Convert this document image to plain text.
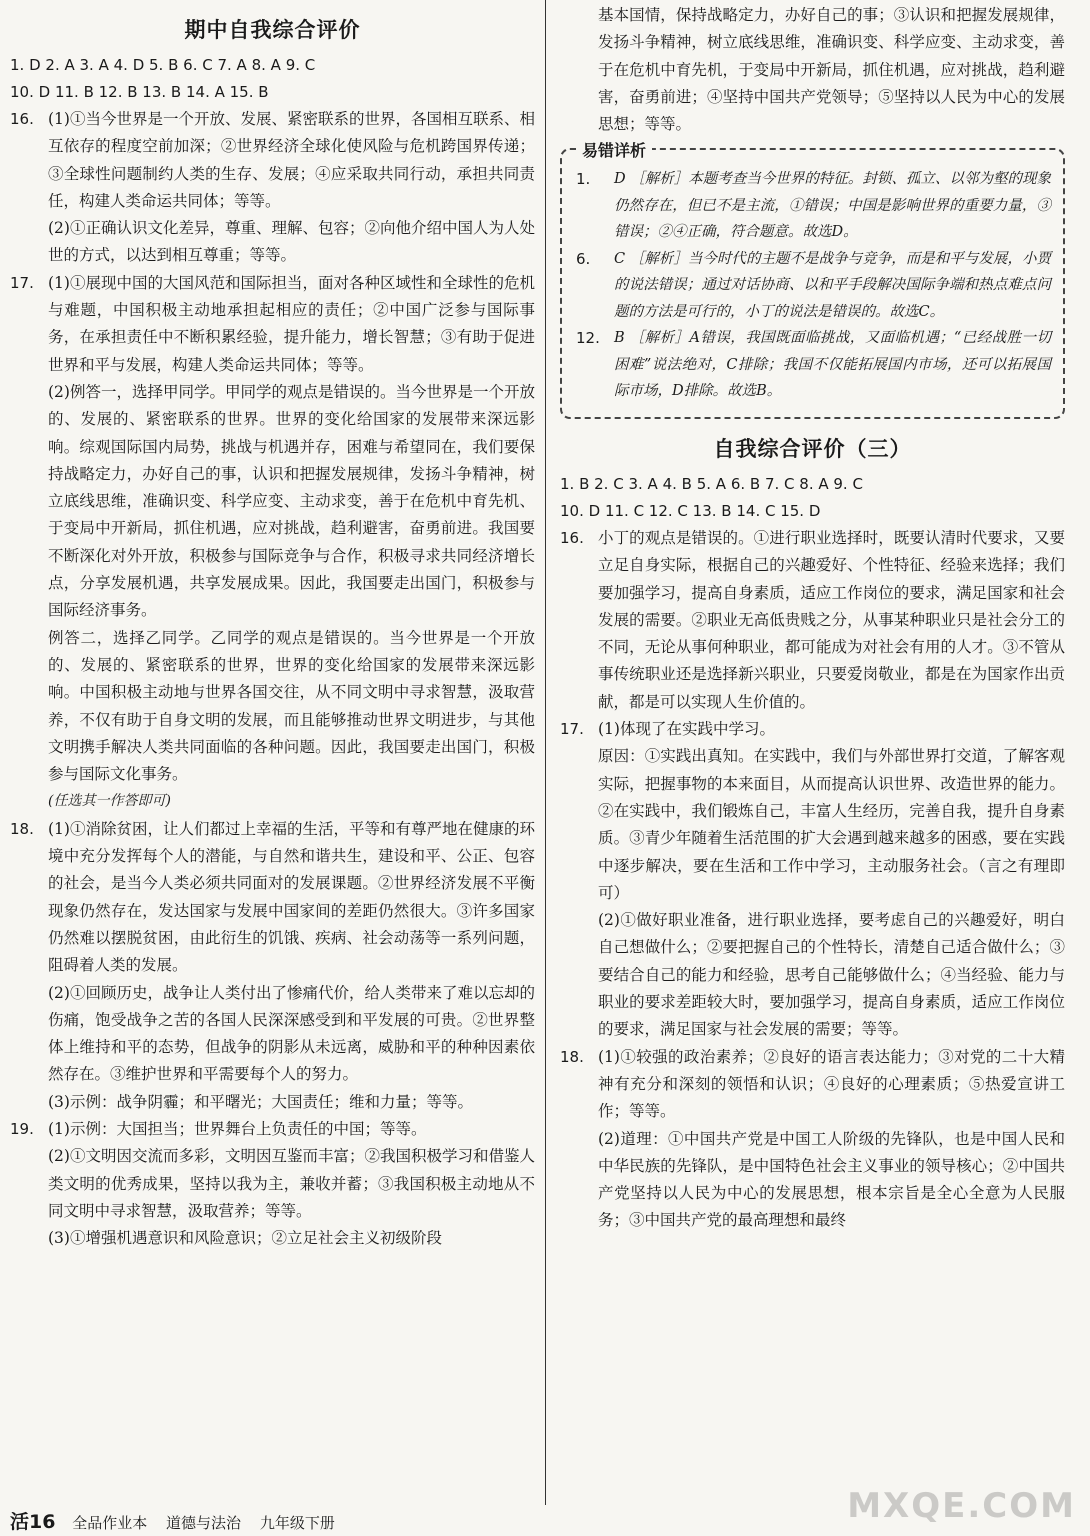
期中自我综合评价
1. D 2. A 3. A 4. D 5. B 6. C 7. A 8. A 9. C
10. D 11. B 12. B 13. B 14. A 15. B
16. (1)①当今世界是一个开放、发展、紧密联系的世界，各国相互联系、相互依存的程度空前加深；②世界经济全球化使风险与危机跨国界传递；③全球性问题制约人类的生存、发展；④应采取共同行动，承担共同责任，构建人类命运共同体；等等。

(2)①正确认识文化差异，尊重、理解、包容；②向他介绍中国人为人处世的方式，以达到相互尊重；等等。

17. (1)①展现中国的大国风范和国际担当，面对各种区域性和全球性的危机与难题，中国积极主动地承担起相应的责任；②中国广泛参与国际事务，在承担责任中不断积累经验，提升能力，增长智慧；③有助于促进世界和平与发展，构建人类命运共同体；等等。

(2)例答一，选择甲同学。甲同学的观点是错误的。当今世界是一个开放的、发展的、紧密联系的世界。世界的变化给国家的发展带来深远影响。综观国际国内局势，挑战与机遇并存，困难与希望同在，我们要保持战略定力，办好自己的事，认识和把握发展规律，发扬斗争精神，树立底线思维，准确识变、科学应变、主动求变，善于在危机中育先机、于变局中开新局，抓住机遇，应对挑战，趋利避害，奋勇前进。我国要不断深化对外开放，积极参与国际竞争与合作，积极寻求共同经济增长点，分享发展机遇，共享发展成果。因此，我国要走出国门，积极参与国际经济事务。

例答二，选择乙同学。乙同学的观点是错误的。当今世界是一个开放的、发展的、紧密联系的世界，世界的变化给国家的发展带来深远影响。中国积极主动地与世界各国交往，从不同文明中寻求智慧，汲取营养，不仅有助于自身文明的发展，而且能够推动世界文明进步，与其他文明携手解决人类共同面临的各种问题。因此，我国要走出国门，积极参与国际文化事务。

(任选其一作答即可)

18. (1)①消除贫困，让人们都过上幸福的生活，平等和有尊严地在健康的环境中充分发挥每个人的潜能，与自然和谐共生，建设和平、公正、包容的社会，是当今人类必须共同面对的发展课题。②世界经济发展不平衡现象仍然存在，发达国家与发展中国家间的差距仍然很大。③许多国家仍然难以摆脱贫困，由此衍生的饥饿、疾病、社会动荡等一系列问题，阻碍着人类的发展。

(2)①回顾历史，战争让人类付出了惨痛代价，给人类带来了难以忘却的伤痛，饱受战争之苦的各国人民深深感受到和平发展的可贵。②世界整体上维持和平的态势，但战争的阴影从未远离，威胁和平的种种因素依然存在。③维护世界和平需要每个人的努力。

(3)示例：战争阴霾；和平曙光；大国责任；维和力量；等等。

19. (1)示例：大国担当；世界舞台上负责任的中国；等等。

(2)①文明因交流而多彩，文明因互鉴而丰富；②我国积极学习和借鉴人类文明的优秀成果，坚持以我为主，兼收并蓄；③我国积极主动地从不同文明中寻求智慧，汲取营养；等等。

(3)①增强机遇意识和风险意识；②立足社会主义初级阶段

基本国情，保持战略定力，办好自己的事；③认识和把握发展规律，发扬斗争精神，树立底线思维，准确识变、科学应变、主动求变，善于在危机中育先机，于变局中开新局，抓住机遇，应对挑战，趋利避害，奋勇前进；④坚持中国共产党领导；⑤坚持以人民为中心的发展思想；等等。

易错详析
1.	D ［解析］本题考查当今世界的特征。封锁、孤立、以邻为壑的现象仍然存在，但已不是主流，①错误；中国是影响世界的重要力量，③错误；②④正确，符合题意。故选D。
6.	C ［解析］当今时代的主题不是战争与竞争，而是和平与发展，小贾的说法错误；通过对话协商、以和平手段解决国际争端和热点难点问题的方法是可行的，小丁的说法是错误的。故选C。
12. B ［解析］A错误，我国既面临挑战，又面临机遇；“已经战胜一切困难”说法绝对，C排除；我国不仅能拓展国内市场，还可以拓展国际市场，D排除。故选B。
自我综合评价（三）
1. B 2. C 3. A 4. B 5. A 6. B 7. C 8. A 9. C
10. D 11. C 12. C 13. B 14. C 15. D
16. 小丁的观点是错误的。①进行职业选择时，既要认清时代要求，又要立足自身实际，根据自己的兴趣爱好、个性特征、经验来选择；我们要加强学习，提高自身素质，适应工作岗位的要求，满足国家和社会发展的需要。②职业无高低贵贱之分，从事某种职业只是社会分工的不同，无论从事何种职业，都可能成为对社会有用的人才。③不管从事传统职业还是选择新兴职业，只要爱岗敬业，都是在为国家作出贡献，都是可以实现人生价值的。

17. (1)体现了在实践中学习。

原因：①实践出真知。在实践中，我们与外部世界打交道，了解客观实际，把握事物的本来面目，从而提高认识世界、改造世界的能力。②在实践中，我们锻炼自己，丰富人生经历，完善自我，提升自身素质。③青少年随着生活范围的扩大会遇到越来越多的困惑，要在实践中逐步解决，要在生活和工作中学习，主动服务社会。（言之有理即可）

(2)①做好职业准备，进行职业选择，要考虑自己的兴趣爱好，明白自己想做什么；②要把握自己的个性特长，清楚自己适合做什么；③要结合自己的能力和经验，思考自己能够做什么；④当经验、能力与职业的要求差距较大时，要加强学习，提高自身素质，适应工作岗位的要求，满足国家与社会发展的需要；等等。

18. (1)①较强的政治素养；②良好的语言表达能力；③对党的二十大精神有充分和深刻的领悟和认识；④良好的心理素质；⑤热爱宣讲工作；等等。

(2)道理：①中国共产党是中国工人阶级的先锋队，也是中国人民和中华民族的先锋队，是中国特色社会主义事业的领导核心；②中国共产党坚持以人民为中心的发展思想，根本宗旨是全心全意为人民服务；③中国共产党的最高理想和最终

活16 全品作业本 道德与法治 九年级下册	MXQE.COM
